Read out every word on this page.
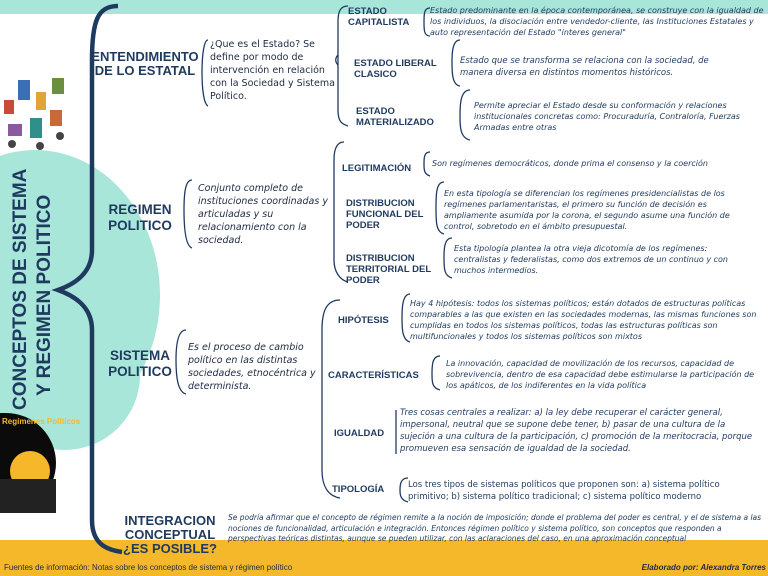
CONCEPTOS DE SISTEMA Y REGIMEN POLITICO
Regímenes Políticos
ENTENDIMIENTO DE LO ESTATAL
¿Que es el Estado? Se define por modo de intervención en relación con la Sociedad y Sistema Político.
ESTADO CAPITALISTA
Estado predominante en la época contemporánea, se construye con la igualdad de los individuos, la disociación entre vendedor-cliente, las Instituciones Estatales y auto representación del Estado "interes general"
ESTADO LIBERAL CLASICO
Estado que se transforma se relaciona con la sociedad, de manera diversa en distintos momentos históricos.
ESTADO MATERIALIZADO
Permite apreciar el Estado desde su conformación y relaciones institucionales concretas como: Procuraduría, Contraloría, Fuerzas Armadas entre otras
REGIMEN POLITICO
Conjunto completo de instituciones coordinadas y articuladas y su relacionamiento con la sociedad.
LEGITIMACIÓN	Son regímenes democráticos, donde prima el consenso y la coerción
DISTRIBUCION FUNCIONAL DEL PODER
En esta tipología se diferencian los regímenes presidencialistas de los regímenes parlamentaristas, el primero su función de decisión es ampliamente asumida por la corona, el segundo asume una función de control, sobretodo en el ámbito presupuestal.
DISTRIBUCION TERRITORIAL DEL PODER
Esta tipología plantea la otra vieja dicotomía de los regímenes: centralistas y federalistas, como dos extremos de un continuo y con muchos intermedios.
SISTEMA POLITICO
Es el proceso de cambio político en las distintas sociedades, etnocéntrica y determinista.
HIPÓTESIS
Hay 4 hipótesis: todos los sistemas políticos; están dotados de estructuras políticas comparables a las que existen en las sociedades modernas, las mismas funciones son cumplidas en todos los sistemas políticos, todas las estructuras políticas son multifuncionales y todos los sistemas políticos son mixtos
CARACTERÍSTICAS
La innovación, capacidad de movilización de los recursos, capacidad de sobrevivencia, dentro de esa capacidad debe estimularse la participación de los apáticos, de los indiferentes en la vida política
IGUALDAD
Tres cosas centrales a realizar: a) la ley debe recuperar el carácter general, impersonal, neutral que se supone debe tener, b) pasar de una cultura de la sujeción a una cultura de la participación, c) promoción de la meritocracia, porque promueven esa sensación de igualdad de la sociedad.
TIPOLOGÍA	Los tres tipos de sistemas políticos que proponen son: a) sistema político primitivo; b) sistema político tradicional; c) sistema político moderno
INTEGRACION CONCEPTUAL ¿ES POSIBLE?
Se podría afirmar que el concepto de régimen remite a la noción de imposición; donde el problema del poder es central, y el de sistema a las nociones de funcionalidad, articulación e integración. Entonces régimen político y sistema político, son conceptos que responden a perspectivas teóricas distintas, aunque se pueden utilizar, con las aclaraciones del caso, en una aproximación conceptual
Fuentes de información: Notas sobre los conceptos de sistema y régimen político	Elaborado por: Alexandra Torres
